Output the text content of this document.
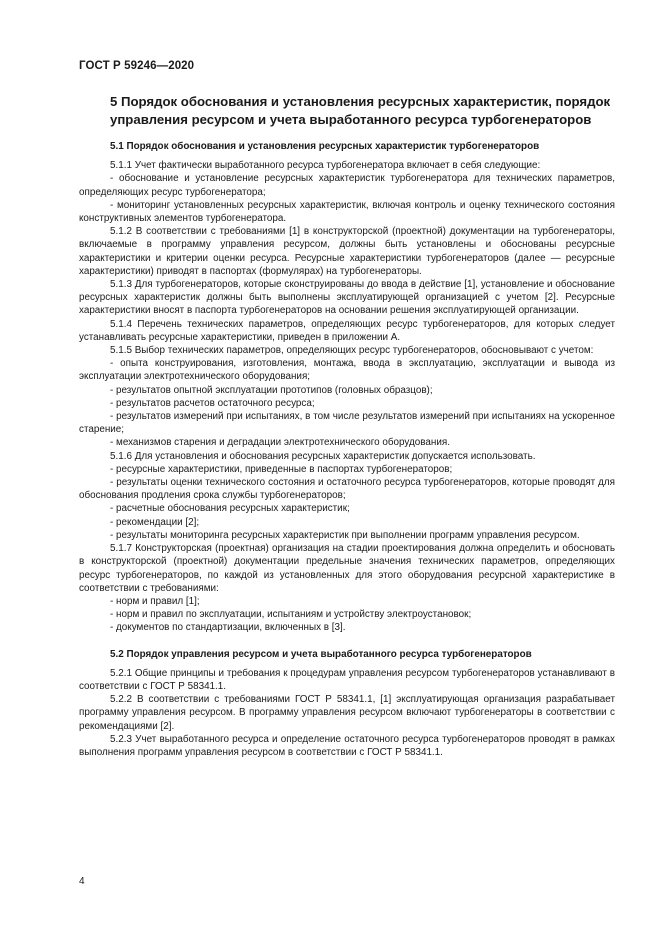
ГОСТ Р 59246—2020
5 Порядок обоснования и установления ресурсных характеристик, порядок управления ресурсом и учета выработанного ресурса турбогенераторов
5.1 Порядок обоснования и установления ресурсных характеристик турбогенераторов

5.1.1 Учет фактически выработанного ресурса турбогенератора включает в себя следующие:

- обоснование и установление ресурсных характеристик турбогенератора для технических параметров, определяющих ресурс турбогенератора;

- мониторинг установленных ресурсных характеристик, включая контроль и оценку технического состояния конструктивных элементов турбогенератора.

5.1.2 В соответствии с требованиями [1] в конструкторской (проектной) документации на турбогенераторы, включаемые в программу управления ресурсом, должны быть установлены и обоснованы ресурсные характеристики и критерии оценки ресурса. Ресурсные характеристики турбогенераторов (далее — ресурсные характеристики) приводят в паспортах (формулярах) на турбогенераторы.

5.1.3 Для турбогенераторов, которые сконструированы до ввода в действие [1], установление и обоснование ресурсных характеристик должны быть выполнены эксплуатирующей организацией с учетом [2]. Ресурсные характеристики вносят в паспорта турбогенераторов на основании решения эксплуатирующей организации.

5.1.4 Перечень технических параметров, определяющих ресурс турбогенераторов, для которых следует устанавливать ресурсные характеристики, приведен в приложении А.

5.1.5 Выбор технических параметров, определяющих ресурс турбогенераторов, обосновывают с учетом:

- опыта конструирования, изготовления, монтажа, ввода в эксплуатацию, эксплуатации и вывода из эксплуатации электротехнического оборудования;

- результатов опытной эксплуатации прототипов (головных образцов);

- результатов расчетов остаточного ресурса;

- результатов измерений при испытаниях, в том числе результатов измерений при испытаниях на ускоренное старение;

- механизмов старения и деградации электротехнического оборудования.

5.1.6 Для установления и обоснования ресурсных характеристик допускается использовать.

- ресурсные характеристики, приведенные в паспортах турбогенераторов;

- результаты оценки технического состояния и остаточного ресурса турбогенераторов, которые проводят для обоснования продления срока службы турбогенераторов;

- расчетные обоснования ресурсных характеристик;

- рекомендации [2];

- результаты мониторинга ресурсных характеристик при выполнении программ управления ресурсом.

5.1.7 Конструкторская (проектная) организация на стадии проектирования должна определить и обосновать в конструкторской (проектной) документации предельные значения технических параметров, определяющих ресурс турбогенераторов, по каждой из установленных для этого оборудования ресурсной характеристике в соответствии с требованиями:

- норм и правил [1];

- норм и правил по эксплуатации, испытаниям и устройству электроустановок;

- документов по стандартизации, включенных в [3].

5.2 Порядок управления ресурсом и учета выработанного ресурса турбогенераторов

5.2.1 Общие принципы и требования к процедурам управления ресурсом турбогенераторов устанавливают в соответствии с ГОСТ Р 58341.1.

5.2.2 В соответствии с требованиями ГОСТ Р 58341.1, [1] эксплуатирующая организация разрабатывает программу управления ресурсом. В программу управления ресурсом включают турбогенераторы в соответствии с рекомендациями [2].

5.2.3 Учет выработанного ресурса и определение остаточного ресурса турбогенераторов проводят в рамках выполнения программ управления ресурсом в соответствии с ГОСТ Р 58341.1.

4
